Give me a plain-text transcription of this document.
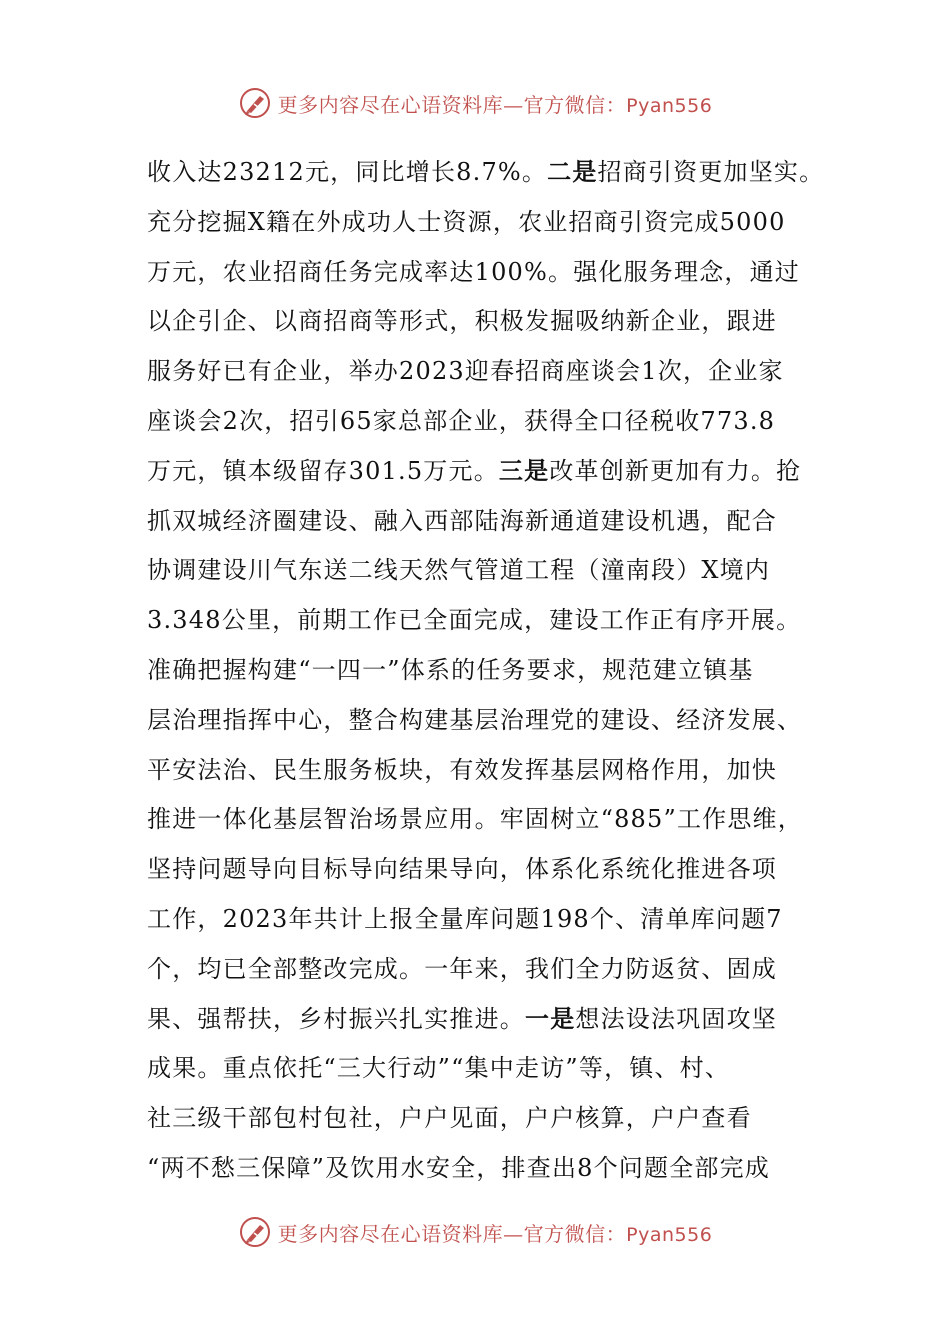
更多内容尽在心语资料库—官方微信：Pyan556
收入达23212元，同比增长8.7%。二是招商引资更加坚实。
充分挖掘X籍在外成功人士资源，农业招商引资完成5000
万元，农业招商任务完成率达100%。强化服务理念，通过
以企引企、以商招商等形式，积极发掘吸纳新企业，跟进
服务好已有企业，举办2023迎春招商座谈会1次，企业家
座谈会2次，招引65家总部企业，获得全口径税收773.8
万元，镇本级留存301.5万元。三是改革创新更加有力。抢
抓双城经济圈建设、融入西部陆海新通道建设机遇，配合
协调建设川气东送二线天然气管道工程（潼南段）X境内
3.348公里，前期工作已全面完成，建设工作正有序开展。
准确把握构建“一四一”体系的任务要求，规范建立镇基
层治理指挥中心，整合构建基层治理党的建设、经济发展、
平安法治、民生服务板块，有效发挥基层网格作用，加快
推进一体化基层智治场景应用。牢固树立“885”工作思维，
坚持问题导向目标导向结果导向，体系化系统化推进各项
工作，2023年共计上报全量库问题198个、清单库问题7
个，均已全部整改完成。一年来，我们全力防返贫、固成
果、强帮扶，乡村振兴扎实推进。一是想法设法巩固攻坚
成果。重点依托“三大行动”“集中走访”等，镇、村、
社三级干部包村包社，户户见面，户户核算，户户查看
“两不愁三保障”及饮用水安全，排查出8个问题全部完成
更多内容尽在心语资料库—官方微信：Pyan556
